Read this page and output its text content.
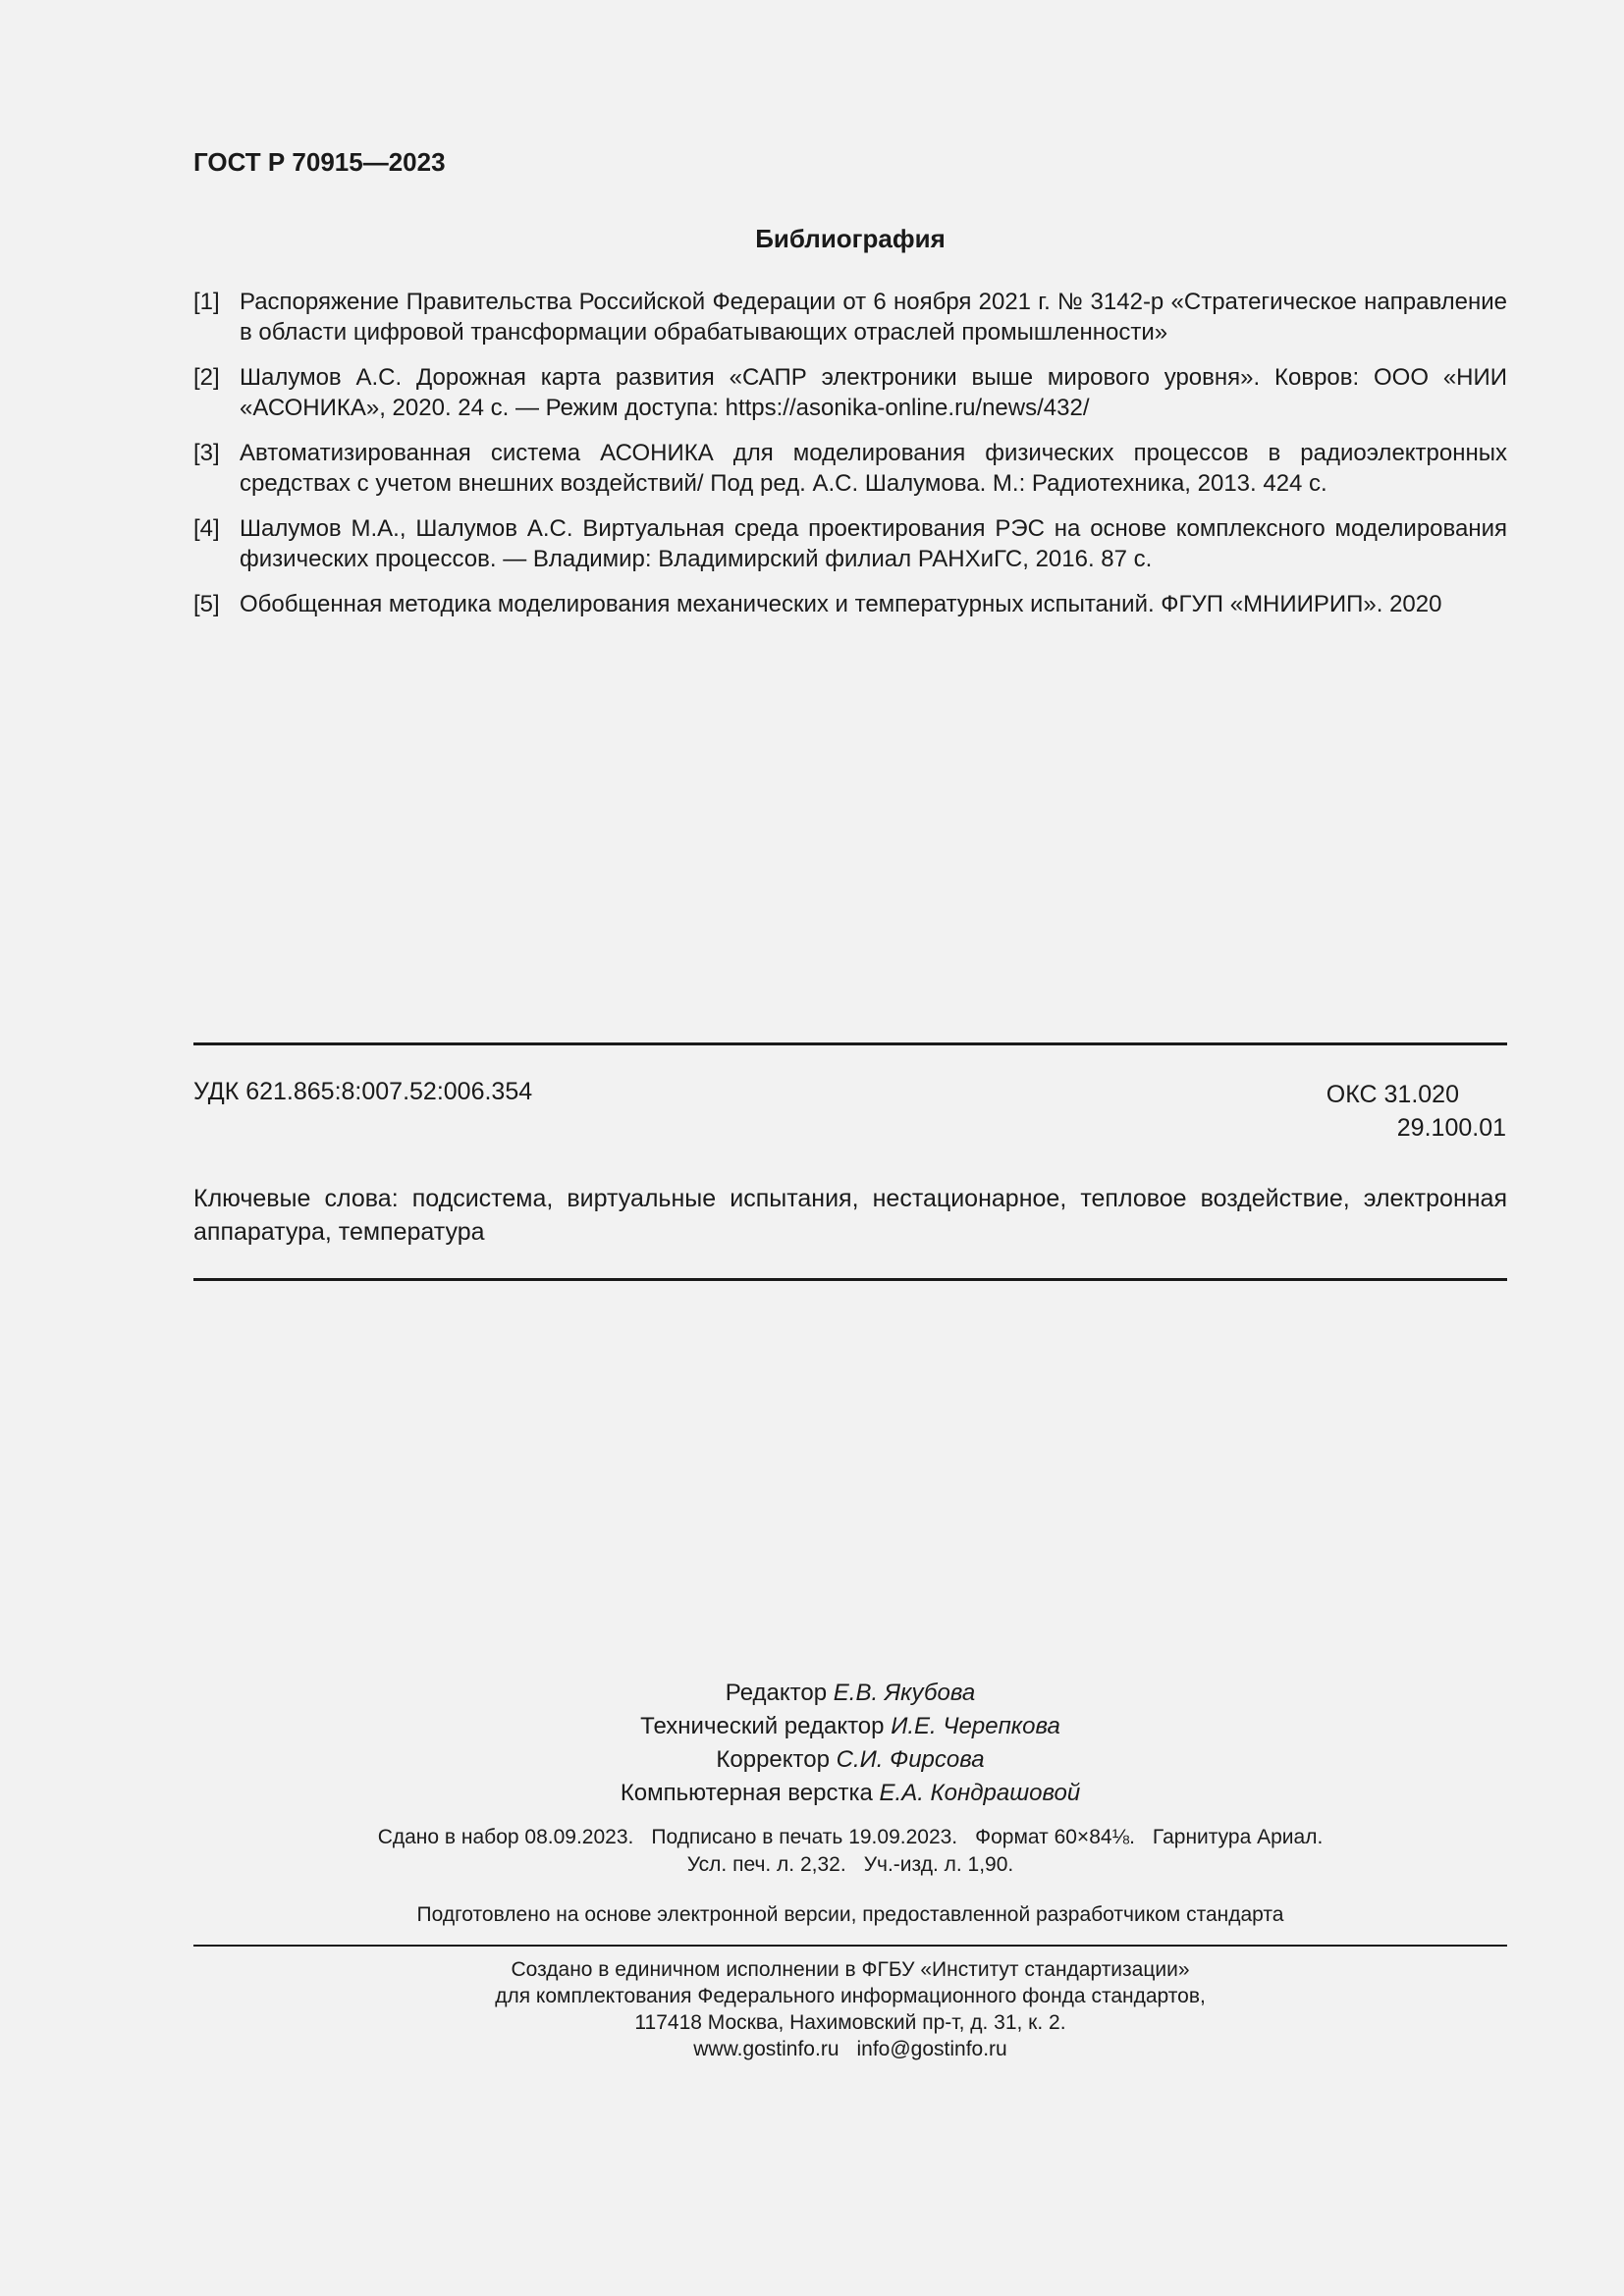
ГОСТ Р 70915—2023
Библиография
[1] Распоряжение Правительства Российской Федерации от 6 ноября 2021 г. № 3142-р «Стратегическое направление в области цифровой трансформации обрабатывающих отраслей промышленности»
[2] Шалумов А.С. Дорожная карта развития «САПР электроники выше мирового уровня». Ковров: ООО «НИИ «АСОНИКА», 2020. 24 с. — Режим доступа: https://asonika-online.ru/news/432/
[3] Автоматизированная система АСОНИКА для моделирования физических процессов в радиоэлектронных средствах с учетом внешних воздействий/ Под ред. А.С. Шалумова. М.: Радиотехника, 2013. 424 с.
[4] Шалумов М.А., Шалумов А.С. Виртуальная среда проектирования РЭС на основе комплексного моделирования физических процессов. — Владимир: Владимирский филиал РАНХиГС, 2016. 87 с.
[5] Обобщенная методика моделирования механических и температурных испытаний. ФГУП «МНИИРИП». 2020
УДК 621.865:8:007.52:006.354	ОКС 31.020
29.100.01
Ключевые слова: подсистема, виртуальные испытания, нестационарное, тепловое воздействие, электронная аппаратура, температура
Редактор Е.В. Якубова
Технический редактор И.Е. Черепкова
Корректор С.И. Фирсова
Компьютерная верстка Е.А. Кондрашовой
Сдано в набор 08.09.2023. Подписано в печать 19.09.2023. Формат 60×84⅛. Гарнитура Ариал.
Усл. печ. л. 2,32. Уч.-изд. л. 1,90.
Подготовлено на основе электронной версии, предоставленной разработчиком стандарта
Создано в единичном исполнении в ФГБУ «Институт стандартизации»
для комплектования Федерального информационного фонда стандартов,
117418 Москва, Нахимовский пр-т, д. 31, к. 2.
www.gostinfo.ru info@gostinfo.ru
